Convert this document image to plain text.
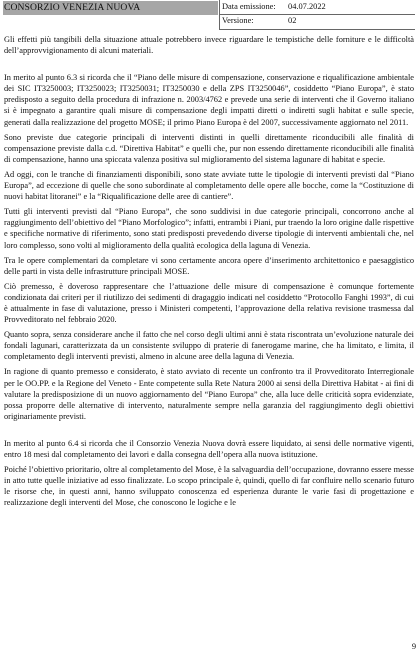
CONSORZIO VENEZIA NUOVA	Data emissione: 04.07.2022
Versione:	02

Gli effetti più tangibili della situazione attuale potrebbero invece riguardare le tempistiche delle forniture e le difficoltà dell’approvvigionamento di alcuni materiali.

In merito al punto 6.3 si ricorda che il “Piano delle misure di compensazione, conservazione e riqualificazione ambientale dei SIC IT3250003; IT3250023; IT3250031; IT3250030 e della ZPS IT3250046”, cosiddetto “Piano Europa”, è stato predisposto a seguito della procedura di infrazione n. 2003/4762 e prevede una serie di interventi che il Governo italiano si è impegnato a garantire quali misure di compensazione degli impatti diretti o indiretti sugli habitat e sulle specie, generati dalla realizzazione del progetto MOSE; il primo Piano Europa è del 2007, successivamente aggiornato nel 2011.

Sono previste due categorie principali di interventi distinti in quelli direttamente riconducibili alle finalità di compensazione previste dalla c.d. “Direttiva Habitat” e quelli che, pur non essendo direttamente riconducibili alle finalità di compensazione, hanno una spiccata valenza positiva sul miglioramento del sistema lagunare di habitat e specie.

Ad oggi, con le tranche di finanziamenti disponibili, sono state avviate tutte le tipologie di interventi previsti dal “Piano Europa”, ad eccezione di quelle che sono subordinate al completamento delle opere alle bocche, come la “Costituzione di nuovi habitat litoranei” e la “Riqualificazione delle aree di cantiere”.

Tutti gli interventi previsti dal “Piano Europa”, che sono suddivisi in due categorie principali, concorrono anche al raggiungimento dell’obiettivo del “Piano Morfologico”; infatti, entrambi i Piani, pur traendo la loro origine dalle rispettive e specifiche normative di riferimento, sono stati predisposti prevedendo diverse tipologie di interventi ambientali che, nel loro complesso, sono volti al miglioramento della qualità ecologica della laguna di Venezia.

Tra le opere complementari da completare vi sono certamente ancora opere d’inserimento architettonico e paesaggistico delle parti in vista delle infrastrutture principali MOSE.

Ciò premesso, è doveroso rappresentare che l’attuazione delle misure di compensazione è comunque fortemente condizionata dai criteri per il riutilizzo dei sedimenti di dragaggio indicati nel cosiddetto “Protocollo Fanghi 1993”, di cui è attualmente in fase di valutazione, presso i Ministeri competenti, l’approvazione della relativa revisione trasmessa dal Provveditorato nel febbraio 2020.

Quanto sopra, senza considerare anche il fatto che nel corso degli ultimi anni è stata riscontrata un’evoluzione naturale dei fondali lagunari, caratterizzata da un consistente sviluppo di praterie di fanerogame marine, che ha limitato, e limita, il completamento degli interventi previsti, almeno in alcune aree della laguna di Venezia.

In ragione di quanto premesso e considerato, è stato avviato di recente un confronto tra il Provveditorato Interregionale per le OO.PP. e la Regione del Veneto - Ente competente sulla Rete Natura 2000 ai sensi della Direttiva Habitat - ai fini di valutare la predisposizione di un nuovo aggiornamento del “Piano Europa” che, alla luce delle criticità sopra evidenziate, possa proporre delle alternative di intervento, naturalmente sempre nella garanzia del raggiungimento degli obiettivi originariamente previsti.

In merito al punto 6.4 si ricorda che il Consorzio Venezia Nuova dovrà essere liquidato, ai sensi delle normative vigenti, entro 18 mesi dal completamento dei lavori e dalla consegna dell’opera alla nuova istituzione.

Poiché l’obiettivo prioritario, oltre al completamento del Mose, è la salvaguardia dell’occupazione, dovranno essere messe in atto tutte quelle iniziative ad esso finalizzate. Lo scopo principale è, quindi, quello di far confluire nello scenario futuro le risorse che, in questi anni, hanno sviluppato conoscenza ed esperienza durante le varie fasi di progettazione e realizzazione degli interventi del Mose, che conoscono le logiche e le

9
